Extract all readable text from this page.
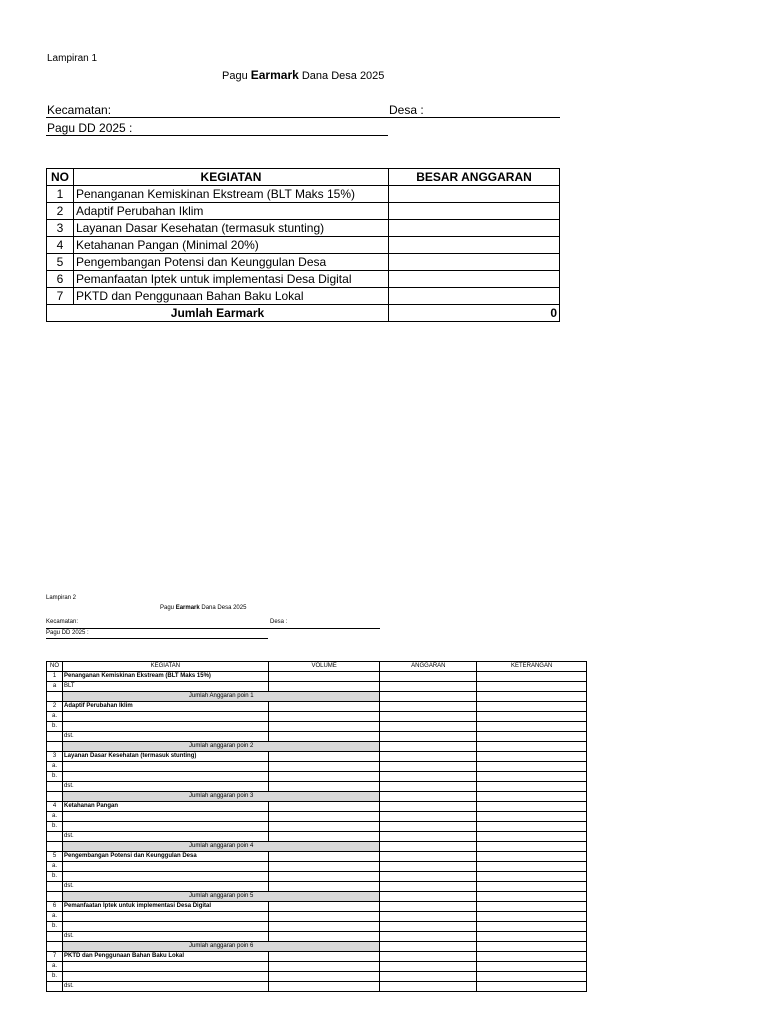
Lampiran 1
Pagu Earmark Dana Desa 2025
Kecamatan:	Desa :
Pagu DD 2025 :
NO	KEGIATAN	BESAR ANGGARAN
1	Penanganan Kemiskinan Ekstream (BLT Maks 15%)	
2	Adaptif Perubahan Iklim	
3	Layanan Dasar Kesehatan (termasuk stunting)	
4	Ketahanan Pangan (Minimal 20%)	
5	Pengembangan Potensi dan Keunggulan Desa	
6	Pemanfaatan Iptek untuk implementasi Desa Digital	
7	PKTD dan Penggunaan Bahan Baku Lokal	
Jumlah Earmark		0
Lampiran 2
Pagu Earmark Dana Desa 2025
Kecamatan:	Desa :
Pagu DD 2025 :
NO	KEGIATAN	VOLUME	ANGGARAN	KETERANGAN
1	Penanganan Kemiskinan Ekstream (BLT Maks 15%)			
a	BLT			
	Jumlah Anggaran poin 1			
2	Adaptif Perubahan Iklim			
a.				
b.				
	dst.			
	Jumlah anggaran poin 2			
3	Layanan Dasar Kesehatan (termasuk stunting)			
a.				
b.				
	dst.			
	Jumlah anggaran poin 3			
4	Ketahanan Pangan			
a.				
b.				
	dst.			
	Jumlah anggaran poin 4			
5	Pengembangan Potensi dan Keunggulan Desa			
a.				
b.				
	dst.			
	Jumlah anggaran poin 5			
6	Pemanfaatan Iptek untuk implementasi Desa Digital			
a.				
b.				
	dst.			
	Jumlah anggaran poin 6			
7	PKTD dan Penggunaan Bahan Baku Lokal			
a.				
b.				
	dst.			
